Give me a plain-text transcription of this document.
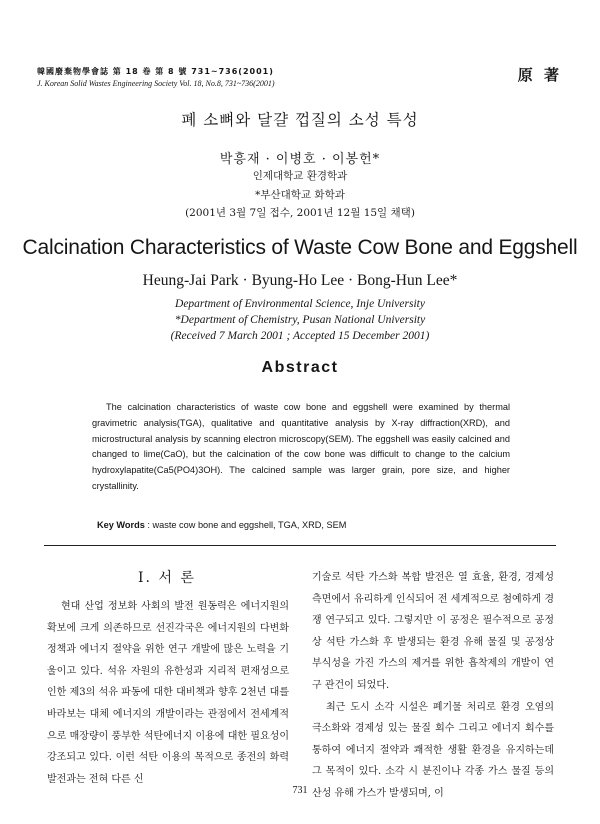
韓國廢棄物學會誌 第 18 卷 第 8 號 731~736(2001)
J. Korean Solid Wastes Engineering Society Vol. 18, No.8, 731~736(2001)	原 著
폐 소뼈와 달걀 껍질의 소성 특성
박흥재 · 이병호 · 이봉헌*
인제대학교 환경학과
*부산대학교 화학과
(2001년 3월 7일 접수, 2001년 12월 15일 채택)
Calcination Characteristics of Waste Cow Bone and Eggshell
Heung-Jai Park · Byung-Ho Lee · Bong-Hun Lee*
Department of Environmental Science, Inje University
*Department of Chemistry, Pusan National University
(Received 7 March 2001 ; Accepted 15 December 2001)
Abstract

The calcination characteristics of waste cow bone and eggshell were examined by thermal gravimetric analysis(TGA), qualitative and quantitative analysis by X-ray diffraction(XRD), and microstructural analysis by scanning electron microscopy(SEM). The eggshell was easily calcined and changed to lime(CaO), but the calcination of the cow bone was difficult to change to the calcium hydroxylapatite(Ca5(PO4)3OH). The calcined sample was larger grain, pore size, and higher crystallinity.

Key Words : waste cow bone and eggshell, TGA, XRD, SEM
Ⅰ. 서 론

현대 산업 정보화 사회의 발전 원동력은 에너지원의 확보에 크게 의존하므로 선진각국은 에너지원의 다변화 정책과 에너지 절약을 위한 연구 개발에 많은 노력을 기울이고 있다. 석유 자원의 유한성과 지리적 편재성으로 인한 제3의 석유 파동에 대한 대비책과 향후 2천년 대를 바라보는 대체 에너지의 개발이라는 관점에서 전세계적으로 매장량이 풍부한 석탄에너지 이용에 대한 필요성이 강조되고 있다. 이런 석탄 이용의 목적으로 종전의 화력 발전과는 전혀 다른 신

기술로 석탄 가스화 복합 발전은 열 효율, 환경, 경제성 측면에서 유리하게 인식되어 전 세계적으로 첨예하게 경쟁 연구되고 있다. 그렇지만 이 공정은 필수적으로 공정상 석탄 가스화 후 발생되는 환경 유해 물질 및 공정상 부식성을 가진 가스의 제거를 위한 흡착제의 개발이 연구 관건이 되었다.

최근 도시 소각 시설은 폐기물 처리로 환경 오염의 극소화와 경제성 있는 물질 회수 그리고 에너지 회수를 통하여 에너지 절약과 쾌적한 생활 환경을 유지하는데 그 목적이 있다. 소각 시 분진이나 각종 가스 물질 등의 산성 유해 가스가 발생되며, 이

731
